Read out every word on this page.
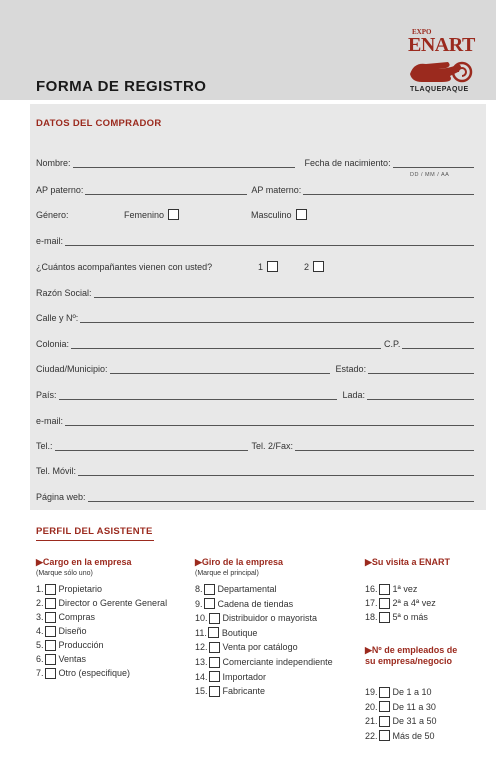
FORMA DE REGISTRO
EXPO
ENART
TLAQUEPAQUE
DATOS DEL COMPRADOR
Nombre:	Fecha de nacimiento:
DD / MM / AA
AP paterno:	AP materno:
Género:	Femenino	Masculino
e-mail:
¿Cuántos acompañantes vienen con usted?	1	2
Razón Social:
Calle y Nº:
Colonia:	C.P.
Ciudad/Municipio:	Estado:
País:	Lada:
e-mail:
Tel.:	Tel. 2/Fax:
Tel. Móvil:
Página web:
PERFIL DEL ASISTENTE
▶Cargo en la empresa
(Marque sólo uno)
1. Propietario
2. Director o Gerente General
3. Compras
4. Diseño
5. Producción
6. Ventas
7. Otro (especifique)
▶Giro de la empresa
(Marque el principal)
8. Departamental
9. Cadena de tiendas
10. Distribuidor o mayorista
11. Boutique
12. Venta por catálogo
13. Comerciante independiente
14. Importador
15. Fabricante
▶Su visita a ENART
16. 1ª vez
17. 2ª a 4ª vez
18. 5ª o más
▶Nº de empleados de
su empresa/negocio
19. De 1 a 10
20. De 11 a 30
21. De 31 a 50
22. Más de 50
